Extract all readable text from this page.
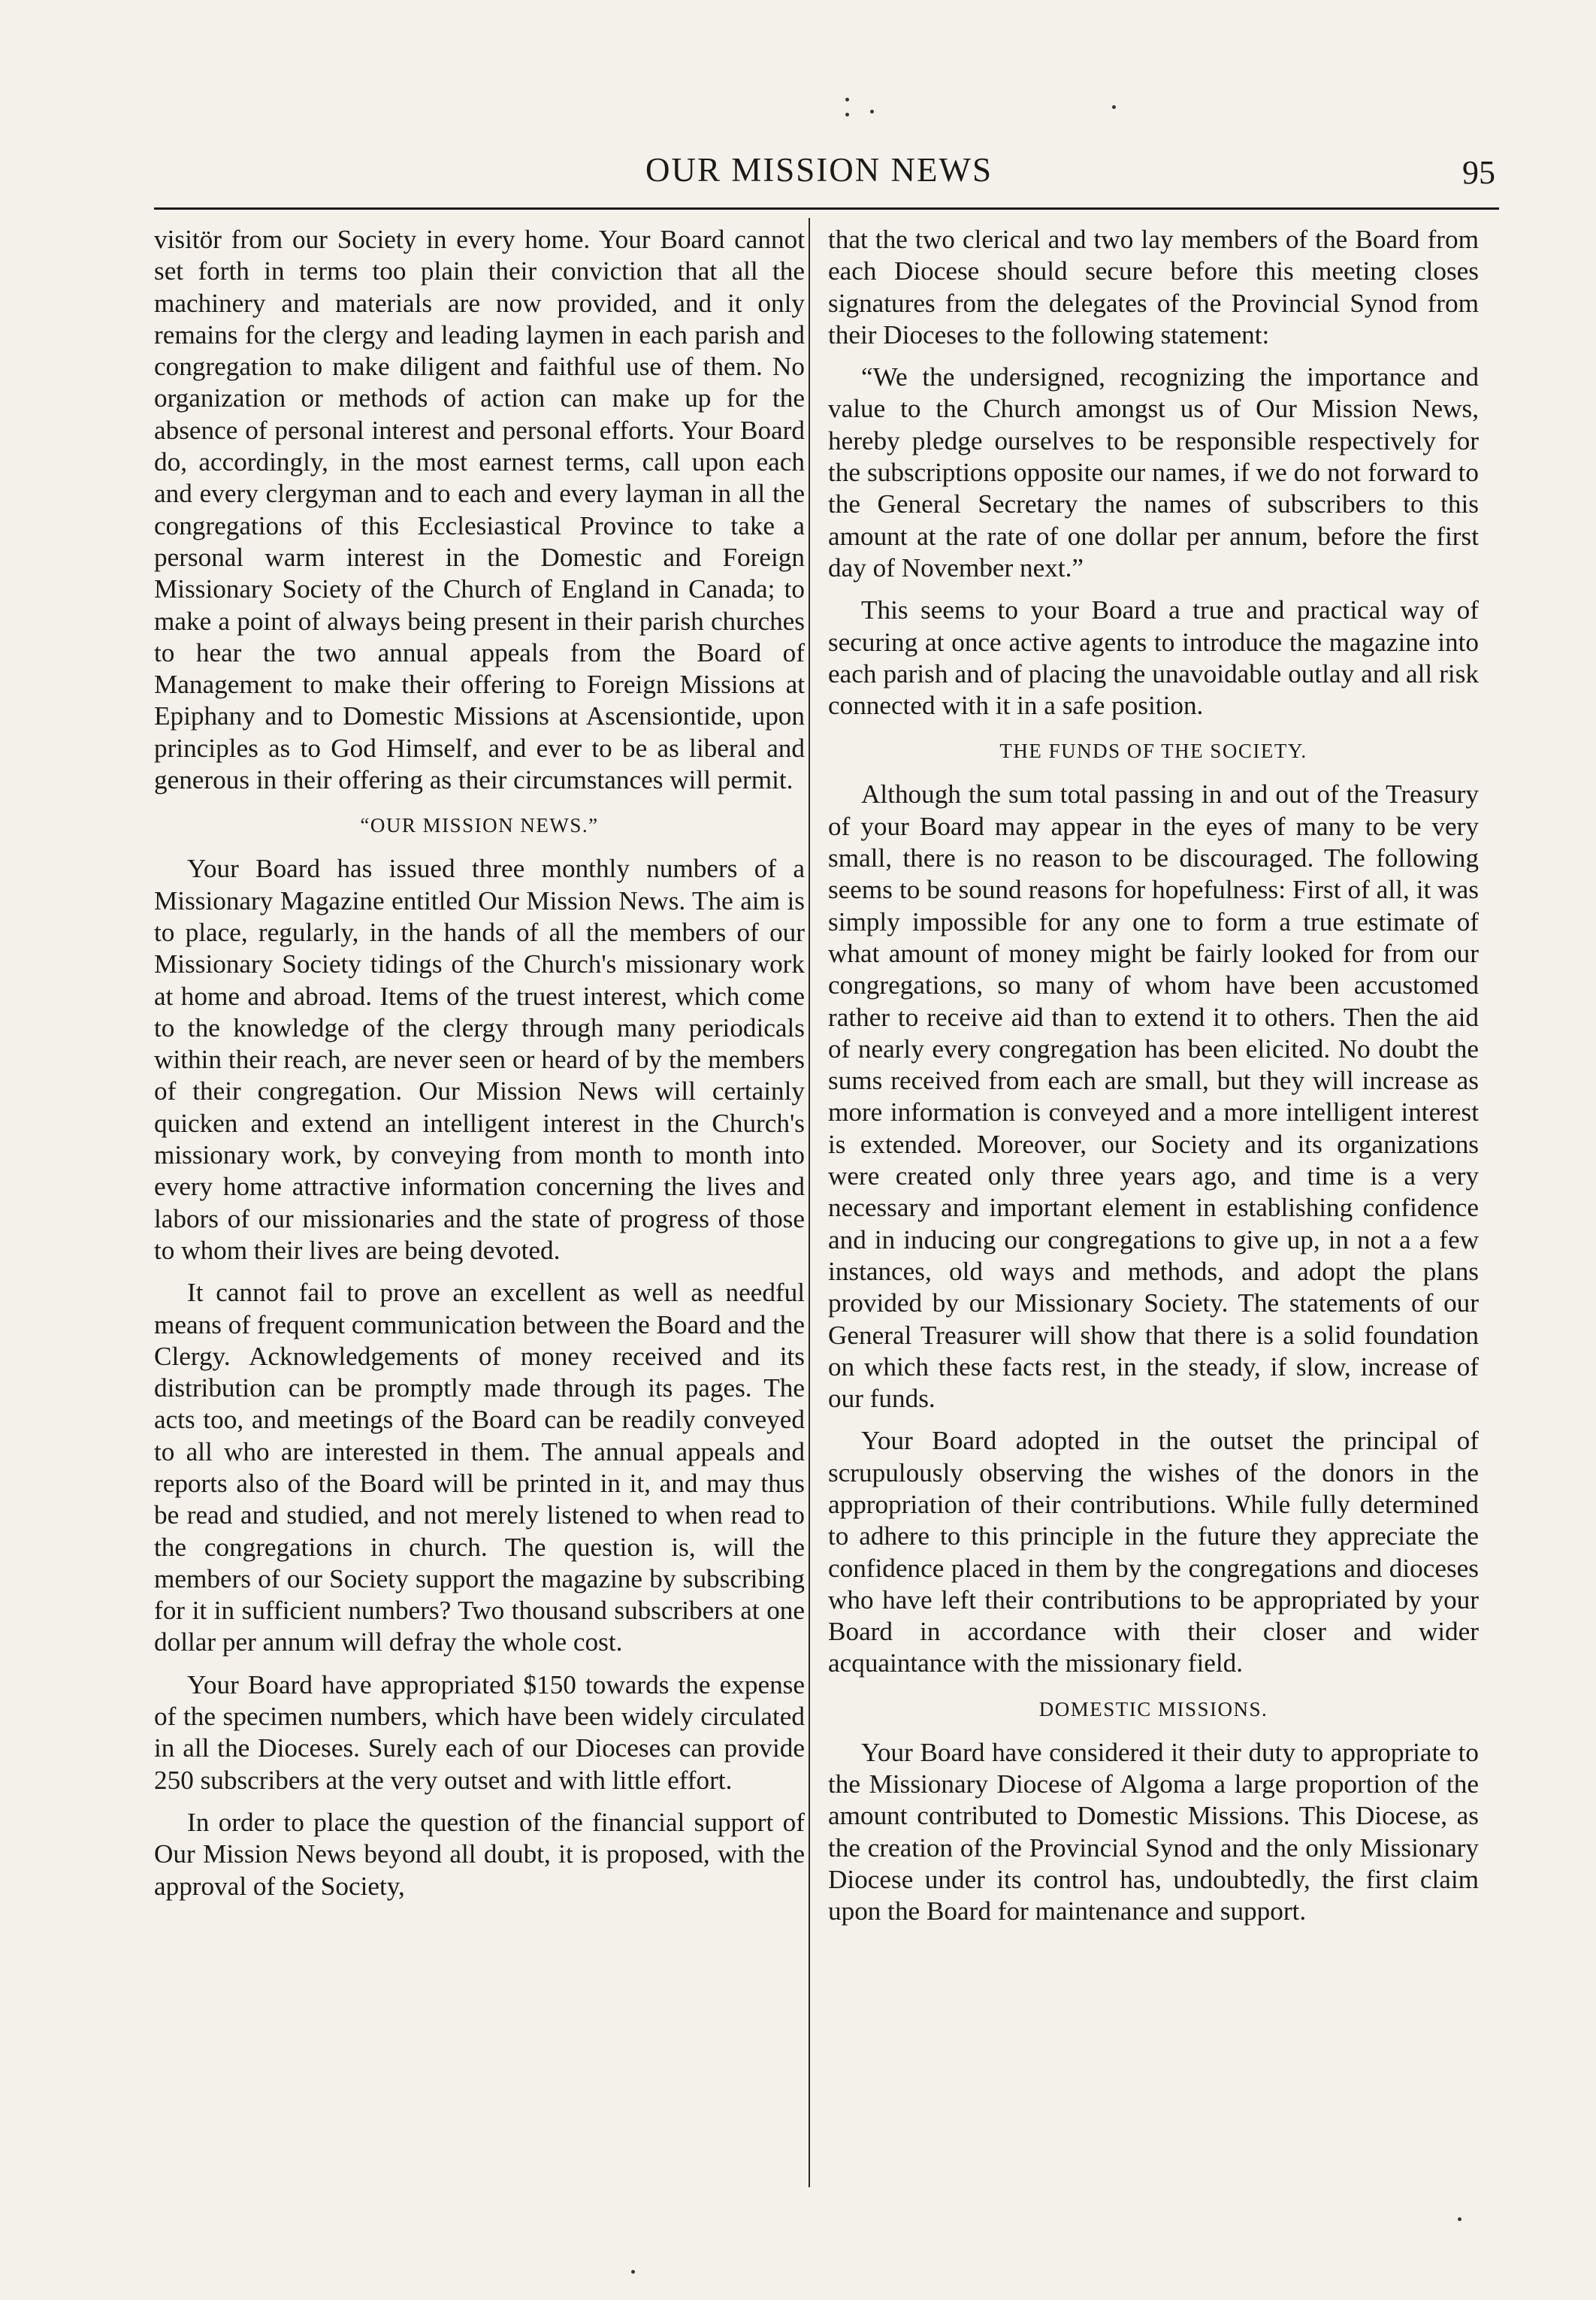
OUR MISSION NEWS	95

visitör from our Society in every home. Your Board cannot set forth in terms too plain their conviction that all the machinery and materials are now provided, and it only remains for the clergy and leading laymen in each parish and congregation to make diligent and faithful use of them. No organization or methods of action can make up for the absence of personal interest and personal efforts. Your Board do, accordingly, in the most earnest terms, call upon each and every clergyman and to each and every layman in all the congregations of this Ecclesiastical Province to take a personal warm interest in the Domestic and Foreign Missionary Society of the Church of England in Canada; to make a point of always being present in their parish churches to hear the two annual appeals from the Board of Management to make their offering to Foreign Missions at Epiphany and to Domestic Missions at Ascensiontide, upon principles as to God Himself, and ever to be as liberal and generous in their offering as their circumstances will permit.

“OUR MISSION NEWS.”

Your Board has issued three monthly numbers of a Missionary Magazine entitled Our Mission News. The aim is to place, regularly, in the hands of all the members of our Missionary Society tidings of the Church's missionary work at home and abroad. Items of the truest interest, which come to the knowledge of the clergy through many periodicals within their reach, are never seen or heard of by the members of their congregation. Our Mission News will certainly quicken and extend an intelligent interest in the Church's missionary work, by conveying from month to month into every home attractive information concerning the lives and labors of our missionaries and the state of progress of those to whom their lives are being devoted.

It cannot fail to prove an excellent as well as needful means of frequent communication between the Board and the Clergy. Acknowledgements of money received and its distribution can be promptly made through its pages. The acts too, and meetings of the Board can be readily conveyed to all who are interested in them. The annual appeals and reports also of the Board will be printed in it, and may thus be read and studied, and not merely listened to when read to the congregations in church. The question is, will the members of our Society support the magazine by subscribing for it in sufficient numbers? Two thousand subscribers at one dollar per annum will defray the whole cost.

Your Board have appropriated $150 towards the expense of the specimen numbers, which have been widely circulated in all the Dioceses. Surely each of our Dioceses can provide 250 subscribers at the very outset and with little effort.

In order to place the question of the financial support of Our Mission News beyond all doubt, it is proposed, with the approval of the Society,

that the two clerical and two lay members of the Board from each Diocese should secure before this meeting closes signatures from the delegates of the Provincial Synod from their Dioceses to the following statement:

“We the undersigned, recognizing the importance and value to the Church amongst us of Our Mission News, hereby pledge ourselves to be responsible respectively for the subscriptions opposite our names, if we do not forward to the General Secretary the names of subscribers to this amount at the rate of one dollar per annum, before the first day of November next.”

This seems to your Board a true and practical way of securing at once active agents to introduce the magazine into each parish and of placing the unavoidable outlay and all risk connected with it in a safe position.

THE FUNDS OF THE SOCIETY.

Although the sum total passing in and out of the Treasury of your Board may appear in the eyes of many to be very small, there is no reason to be discouraged. The following seems to be sound reasons for hopefulness: First of all, it was simply impossible for any one to form a true estimate of what amount of money might be fairly looked for from our congregations, so many of whom have been accustomed rather to receive aid than to extend it to others. Then the aid of nearly every congregation has been elicited. No doubt the sums received from each are small, but they will increase as more information is conveyed and a more intelligent interest is extended. Moreover, our Society and its organizations were created only three years ago, and time is a very necessary and important element in establishing confidence and in inducing our congregations to give up, in not a a few instances, old ways and methods, and adopt the plans provided by our Missionary Society. The statements of our General Treasurer will show that there is a solid foundation on which these facts rest, in the steady, if slow, increase of our funds.

Your Board adopted in the outset the principal of scrupulously observing the wishes of the donors in the appropriation of their contributions. While fully determined to adhere to this principle in the future they appreciate the confidence placed in them by the congregations and dioceses who have left their contributions to be appropriated by your Board in accordance with their closer and wider acquaintance with the missionary field.

DOMESTIC MISSIONS.

Your Board have considered it their duty to appropriate to the Missionary Diocese of Algoma a large proportion of the amount contributed to Domestic Missions. This Diocese, as the creation of the Provincial Synod and the only Missionary Diocese under its control has, undoubtedly, the first claim upon the Board for maintenance and support.
